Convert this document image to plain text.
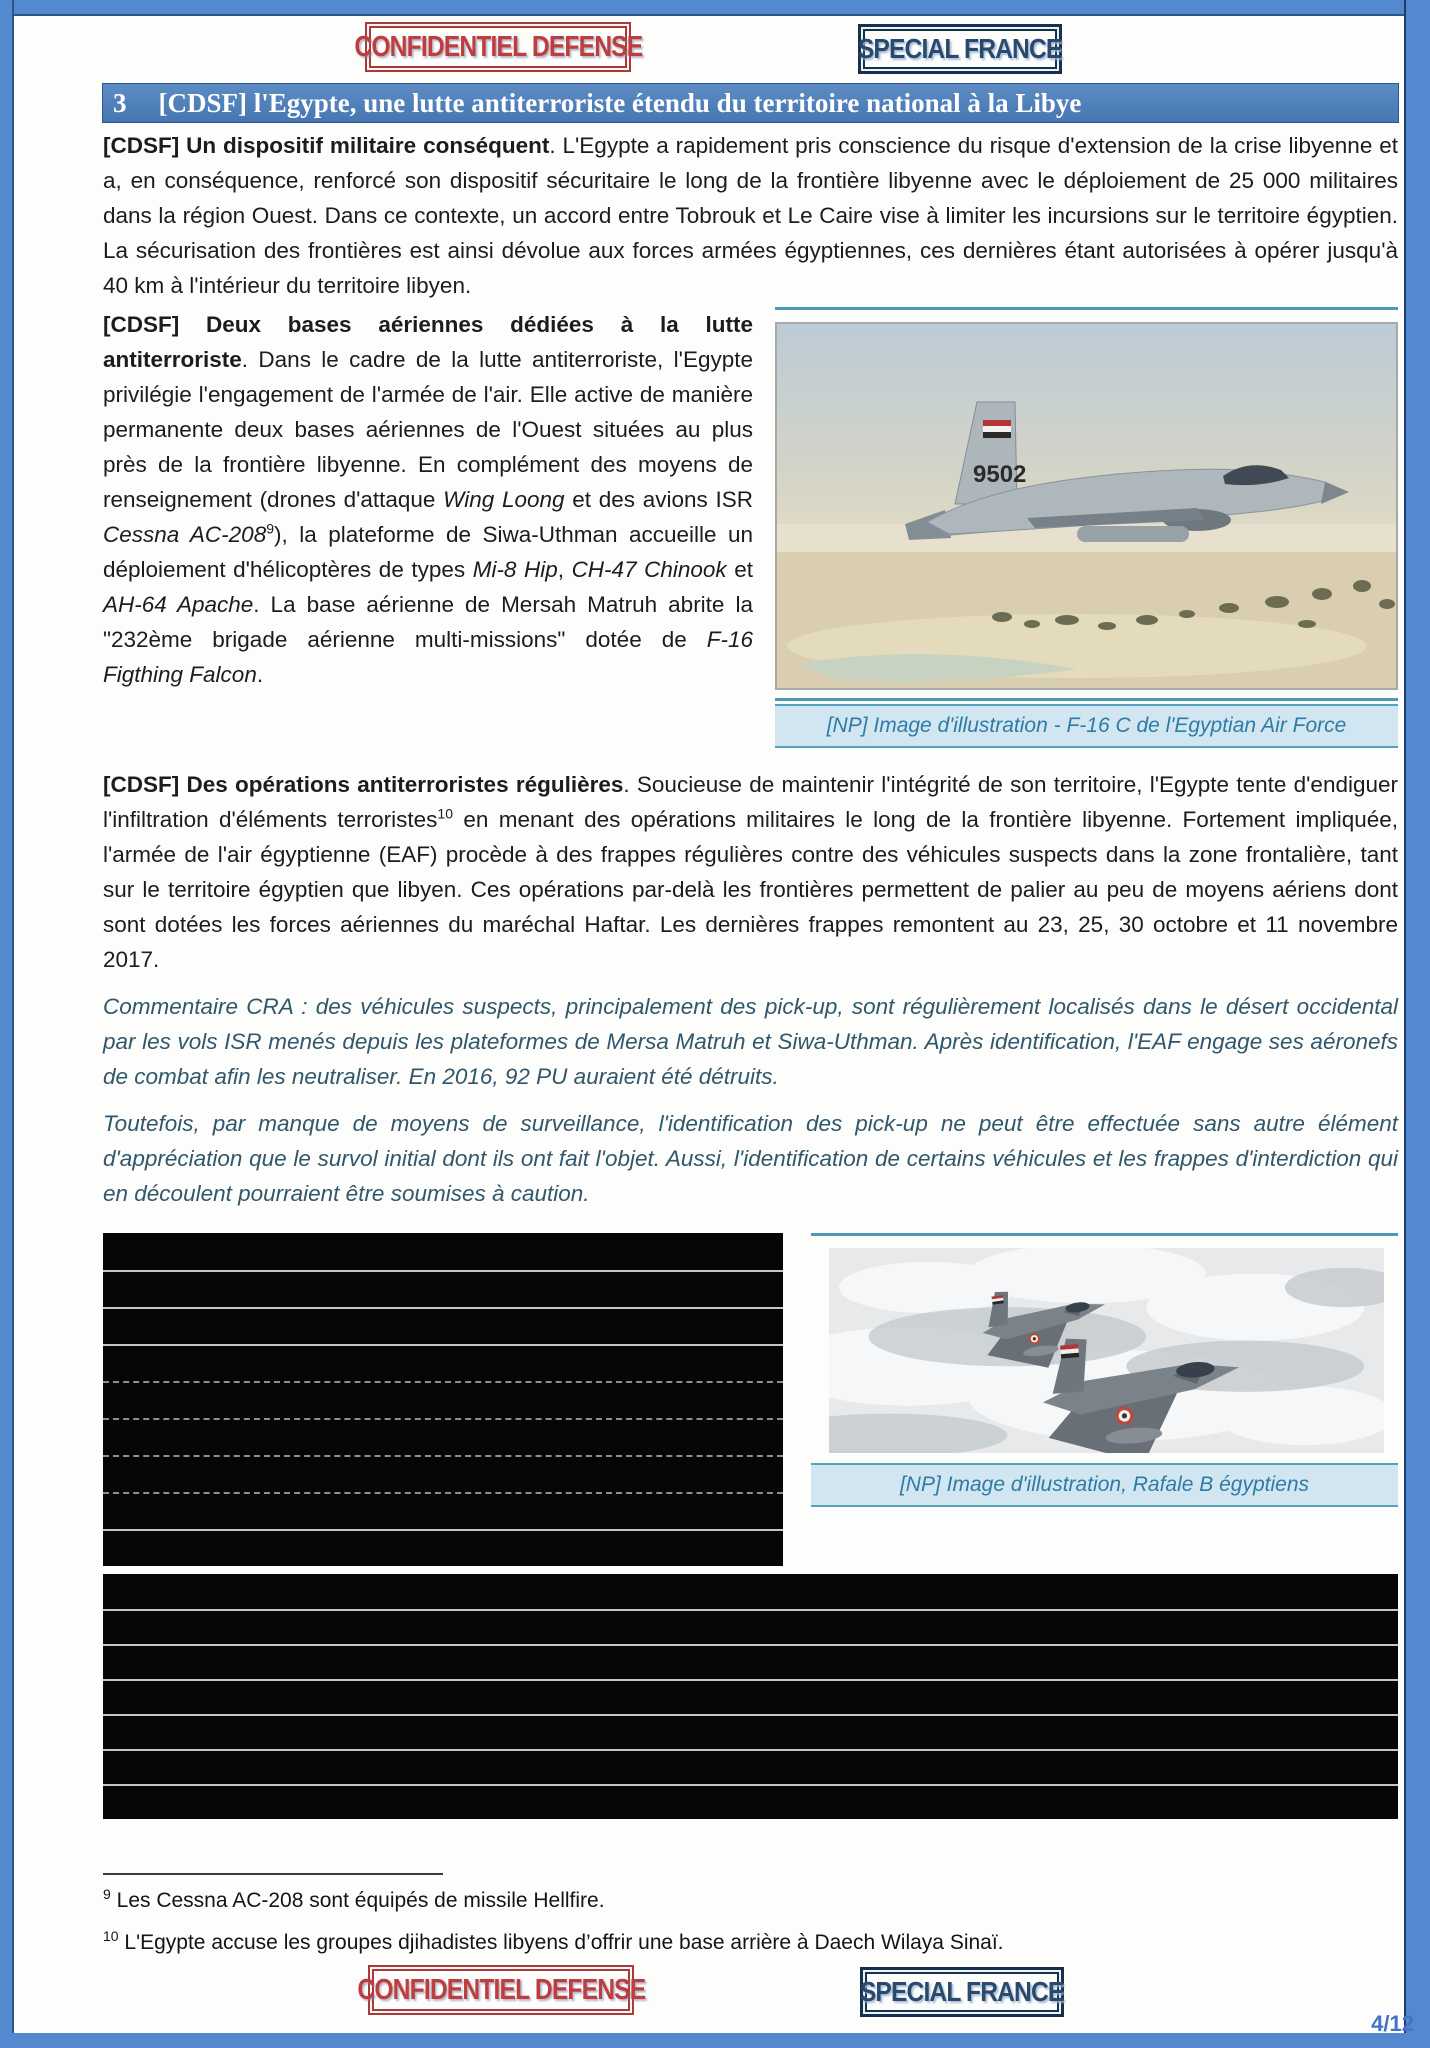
CONFIDENTIEL DEFENSE	SPECIAL FRANCE
3 [CDSF] l'Egypte, une lutte antiterroriste étendu du territoire national à la Libye

[CDSF] Un dispositif militaire conséquent. L'Egypte a rapidement pris conscience du risque d'extension de la crise libyenne et a, en conséquence, renforcé son dispositif sécuritaire le long de la frontière libyenne avec le déploiement de 25 000 militaires dans la région Ouest. Dans ce contexte, un accord entre Tobrouk et Le Caire vise à limiter les incursions sur le territoire égyptien. La sécurisation des frontières est ainsi dévolue aux forces armées égyptiennes, ces dernières étant autorisées à opérer jusqu'à 40 km à l'intérieur du territoire libyen.

[CDSF] Deux bases aériennes dédiées à la lutte antiterroriste. Dans le cadre de la lutte antiterroriste, l'Egypte privilégie l'engagement de l'armée de l'air. Elle active de manière permanente deux bases aériennes de l'Ouest situées au plus près de la frontière libyenne. En complément des moyens de renseignement (drones d'attaque Wing Loong et des avions ISR Cessna AC-208$^9$), la plateforme de Siwa-Uthman accueille un déploiement d'hélicoptères de types Mi-8 Hip, CH-47 Chinook et AH-64 Apache. La base aérienne de Mersah Matruh abrite la "232ème brigade aérienne multi-missions" dotée de F-16 Figthing Falcon.

9502
[NP] Image d'illustration - F-16 C de l'Egyptian Air Force

[CDSF] Des opérations antiterroristes régulières. Soucieuse de maintenir l'intégrité de son territoire, l'Egypte tente d'endiguer l'infiltration d'éléments terroristes$^{10}$ en menant des opérations militaires le long de la frontière libyenne. Fortement impliquée, l'armée de l'air égyptienne (EAF) procède à des frappes régulières contre des véhicules suspects dans la zone frontalière, tant sur le territoire égyptien que libyen. Ces opérations par-delà les frontières permettent de palier au peu de moyens aériens dont sont dotées les forces aériennes du maréchal Haftar. Les dernières frappes remontent au 23, 25, 30 octobre et 11 novembre 2017.

Commentaire CRA : des véhicules suspects, principalement des pick-up, sont régulièrement localisés dans le désert occidental par les vols ISR menés depuis les plateformes de Mersa Matruh et Siwa-Uthman. Après identification, l'EAF engage ses aéronefs de combat afin les neutraliser. En 2016, 92 PU auraient été détruits.

Toutefois, par manque de moyens de surveillance, l'identification des pick-up ne peut être effectuée sans autre élément d'appréciation que le survol initial dont ils ont fait l'objet. Aussi, l'identification de certains véhicules et les frappes d'interdiction qui en découlent pourraient être soumises à caution.

[NP] Image d'illustration, Rafale B égyptiens
$^9$ Les Cessna AC-208 sont équipés de missile Hellfire.
$^{10}$ L'Egypte accuse les groupes djihadistes libyens d’offrir une base arrière à Daech Wilaya Sinaï.
CONFIDENTIEL DEFENSE	SPECIAL FRANCE
4/12
